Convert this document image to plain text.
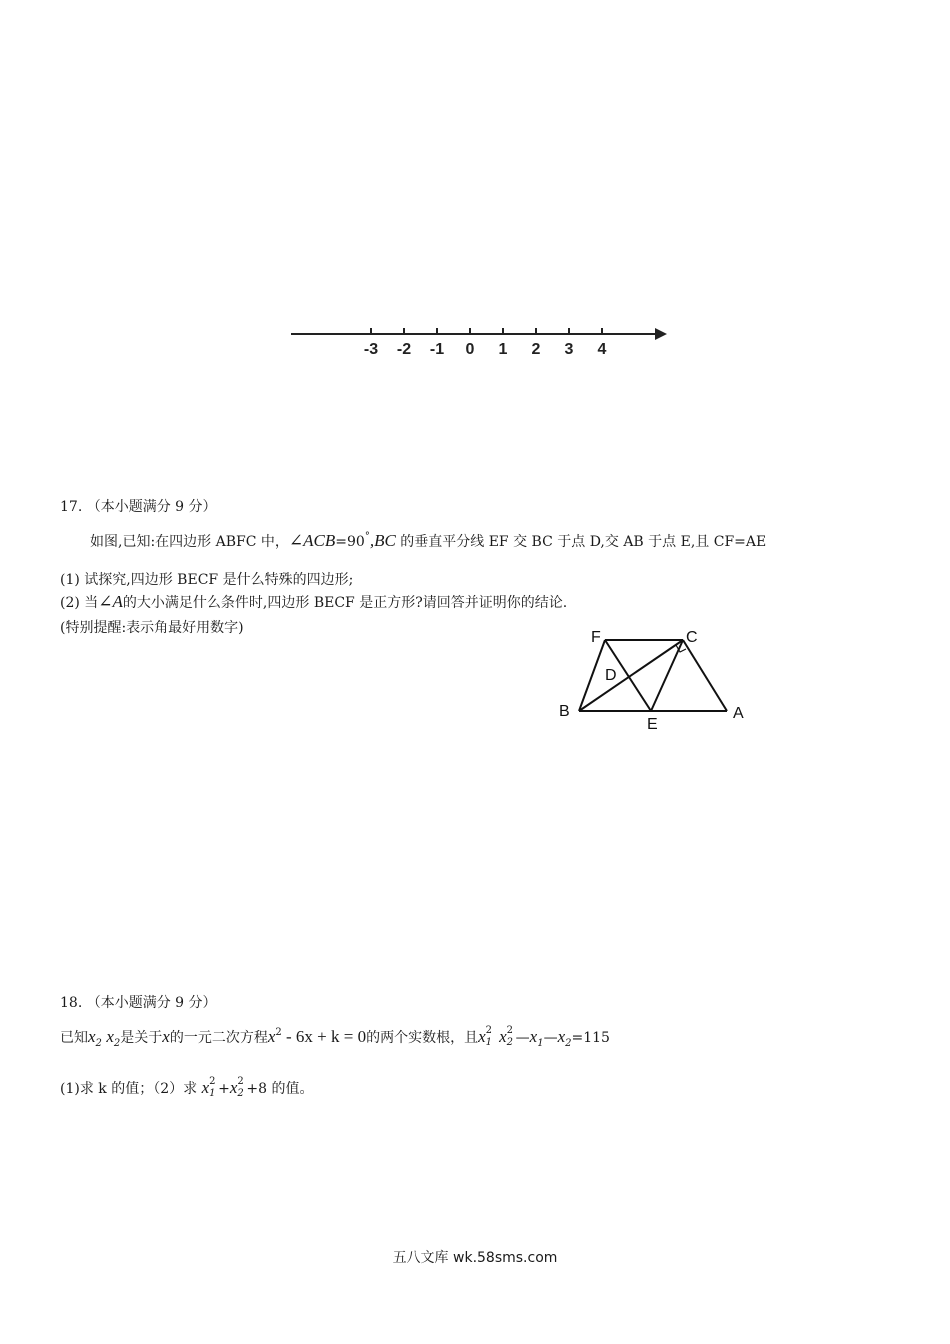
-3 -2 -1 0 1 2 3 4
17. （本小题满分 9 分）
如图,已知:在四边形 ABFC 中，∠ACB=90°,BC 的垂直平分线 EF 交 BC 于点 D,交 AB 于点 E,且 CF=AE
(1) 试探究,四边形 BECF 是什么特殊的四边形;
(2) 当∠A的大小满足什么条件时,四边形 BECF 是正方形?请回答并证明你的结论.
(特别提醒:表示角最好用数字)
F	C
D
B
E
A
18. （本小题满分 9 分）
已知$x_2$ $x_2$是关于x的一元二次方程$x^2 - 6x + k = 0$的两个实数根，且x 2
1 x 2
2 $—x_1—x_2=115$
(1)求 k 的值；（2）求 x 2
1 +x 2
2 +8 的值。
五八文库 wk.58sms.com
